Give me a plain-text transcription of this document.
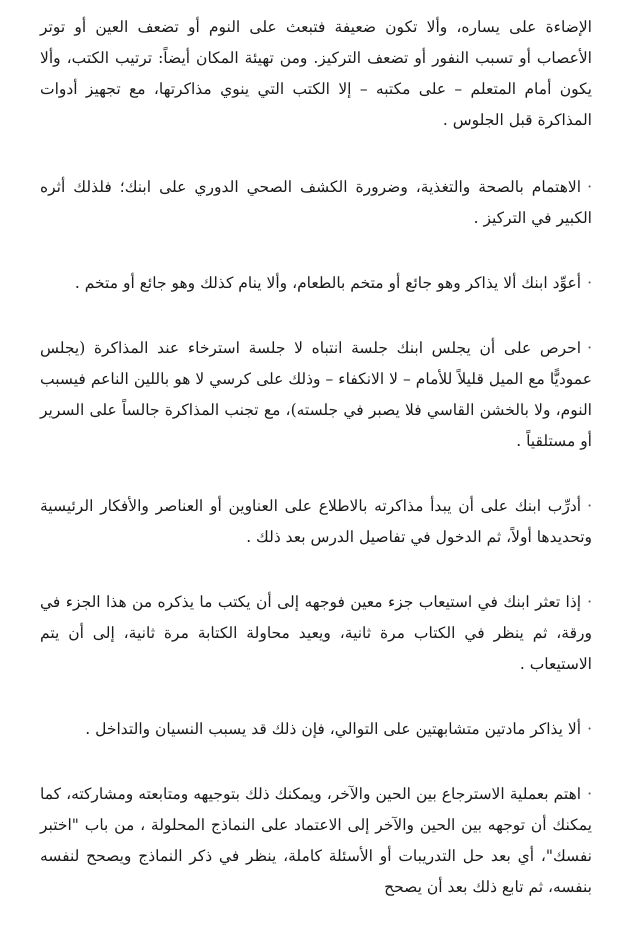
الإضاءة على يساره، وألا تكون ضعيفة فتبعث على النوم أو تضعف العين أو توتر الأعصاب أو تسبب النفور أو تضعف التركيز. ومن تهيئة المكان أيضاً: ترتيب الكتب، وألا يكون أمام المتعلم – على مكتبه – إلا الكتب التي ينوي مذاكرتها، مع تجهيز أدوات المذاكرة قبل الجلوس .

·الاهتمام بالصحة والتغذية، وضرورة الكشف الصحي الدوري على ابنك؛ فلذلك أثره الكبير في التركيز .

·أعوِّد ابنك ألا يذاكر وهو جائع أو متخم بالطعام، وألا ينام كذلك وهو جائع أو متخم .

·احرص على أن يجلس ابنك جلسة انتباه لا جلسة استرخاء عند المذاكرة (يجلس عموديًّا مع الميل قليلاً للأمام – لا الانكفاء – وذلك على كرسي لا هو باللين الناعم فيسبب النوم، ولا بالخشن القاسي فلا يصبر في جلسته)، مع تجنب المذاكرة جالساً على السرير أو مستلقياً .

·أدرِّب ابنك على أن يبدأ مذاكرته بالاطلاع على العناوين أو العناصر والأفكار الرئيسية وتحديدها أولاً، ثم الدخول في تفاصيل الدرس بعد ذلك .

·إذا تعثر ابنك في استيعاب جزء معين فوجهه إلى أن يكتب ما يذكره من هذا الجزء في ورقة، ثم ينظر في الكتاب مرة ثانية، ويعيد محاولة الكتابة مرة ثانية، إلى أن يتم الاستيعاب .

·ألا يذاكر مادتين متشابهتين على التوالي، فإن ذلك قد يسبب النسيان والتداخل .

·اهتم بعملية الاسترجاع بين الحين والآخر، ويمكنك ذلك بتوجيهه ومتابعته ومشاركته، كما يمكنك أن توجهه بين الحين والآخر إلى الاعتماد على النماذج المحلولة ، من باب "اختبر نفسك"، أي بعد حل التدريبات أو الأسئلة كاملة، ينظر في ذكر النماذج ويصحح لنفسه بنفسه، ثم تابع ذلك بعد أن يصحح
